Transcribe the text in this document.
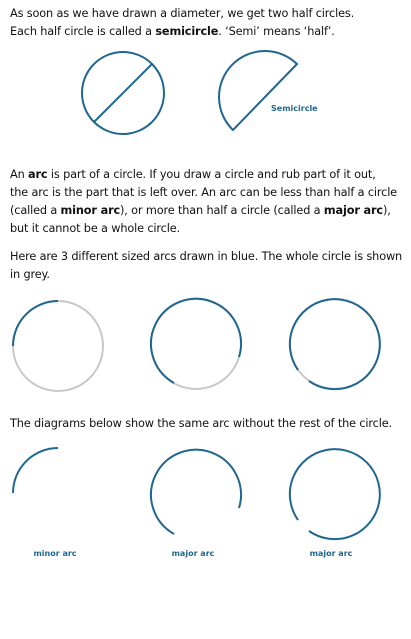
As soon as we have drawn a diameter, we get two half circles.
Each half circle is called a semicircle. ‘Semi’ means ‘half’.
Semicircle
minor arc	major arc	major arc
An arc is part of a circle. If you draw a circle and rub part of it out,
the arc is the part that is left over. An arc can be less than half a circle
(called a minor arc), or more than half a circle (called a major arc),
but it cannot be a whole circle.
Here are 3 different sized arcs drawn in blue. The whole circle is shown
in grey.
The diagrams below show the same arc without the rest of the circle.
